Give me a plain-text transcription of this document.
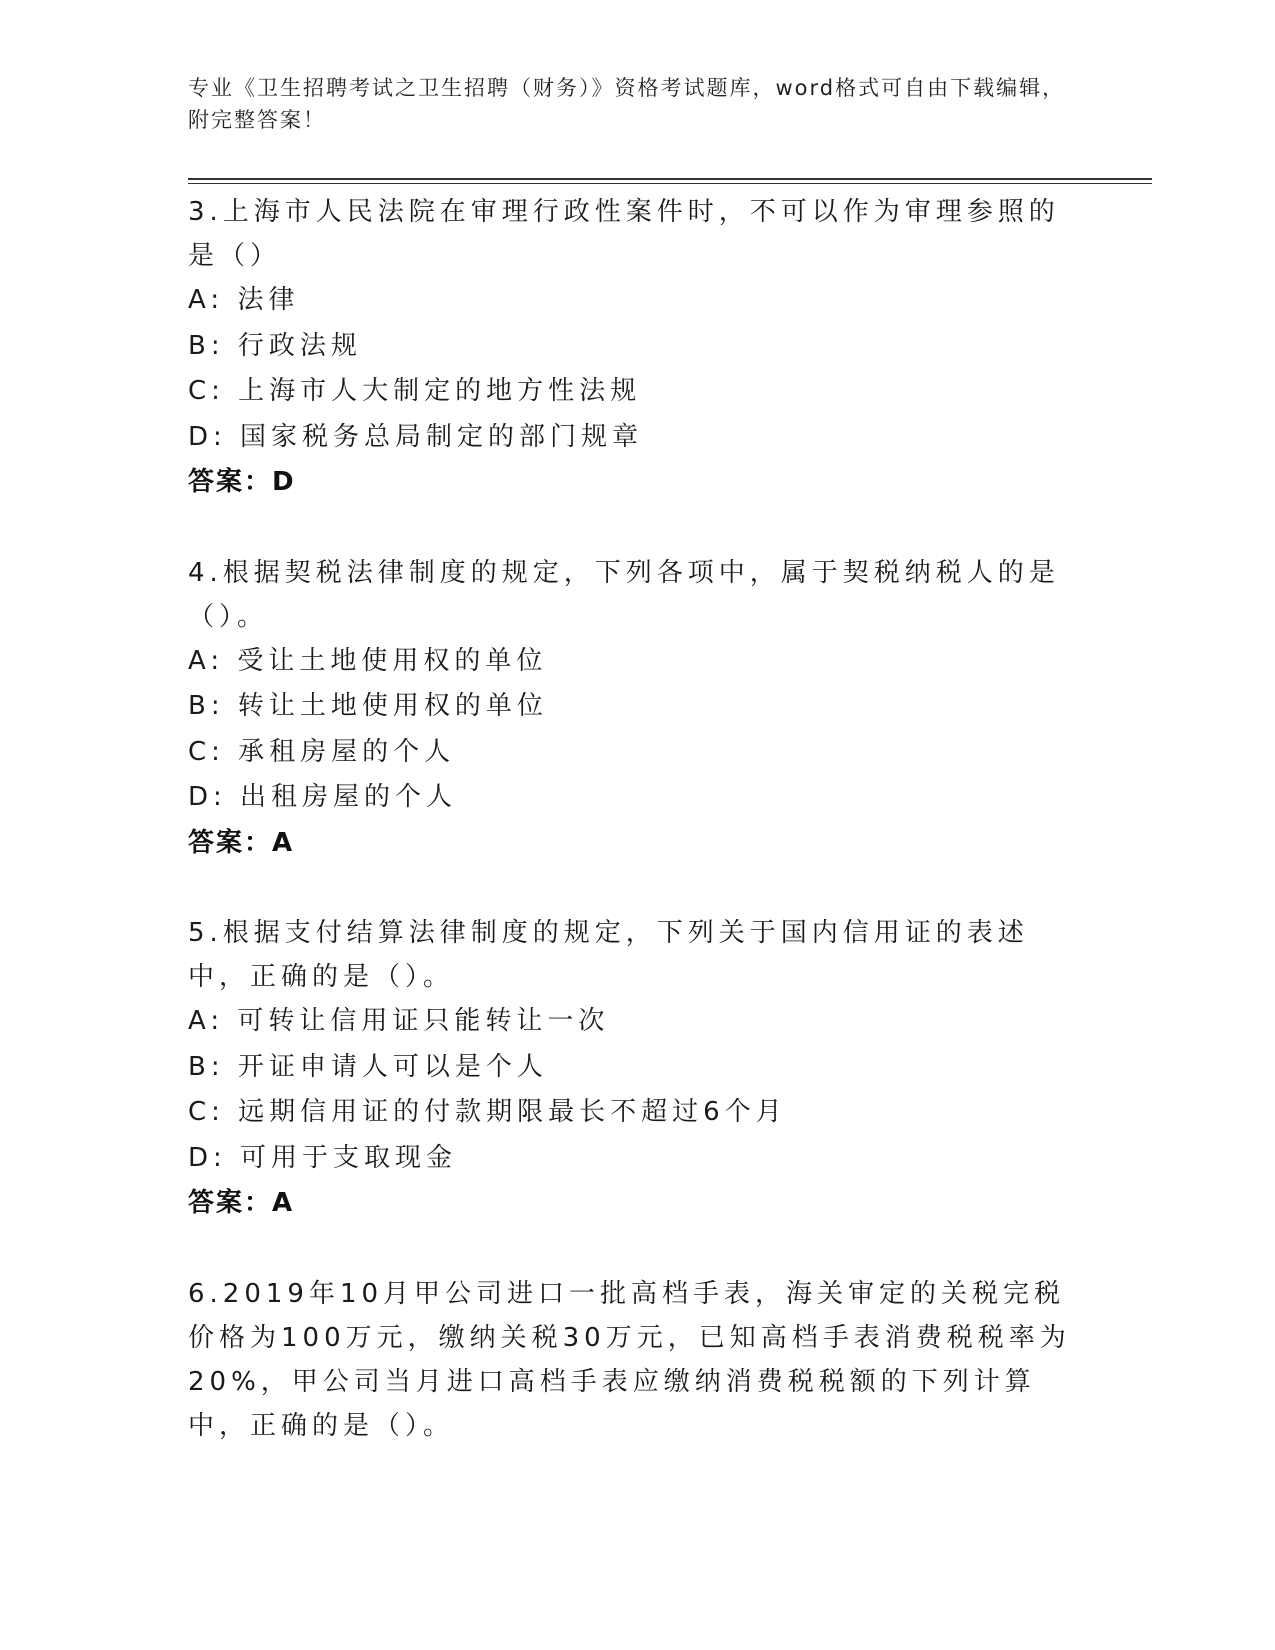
专业《卫生招聘考试之卫生招聘（财务）》资格考试题库，word格式可自由下载编辑，附完整答案！

3.上海市人民法院在审理行政性案件时，不可以作为审理参照的是（）

A: 法律

B: 行政法规

C: 上海市人大制定的地方性法规

D: 国家税务总局制定的部门规章

答案：D

4.根据契税法律制度的规定，下列各项中，属于契税纳税人的是（）。

A: 受让土地使用权的单位

B: 转让土地使用权的单位

C: 承租房屋的个人

D: 出租房屋的个人

答案：A

5.根据支付结算法律制度的规定，下列关于国内信用证的表述中，正确的是（）。

A: 可转让信用证只能转让一次

B: 开证申请人可以是个人

C: 远期信用证的付款期限最长不超过6个月

D: 可用于支取现金

答案：A

6.2019年10月甲公司进口一批高档手表，海关审定的关税完税价格为100万元，缴纳关税30万元，已知高档手表消费税税率为20%，甲公司当月进口高档手表应缴纳消费税税额的下列计算中，正确的是（）。
